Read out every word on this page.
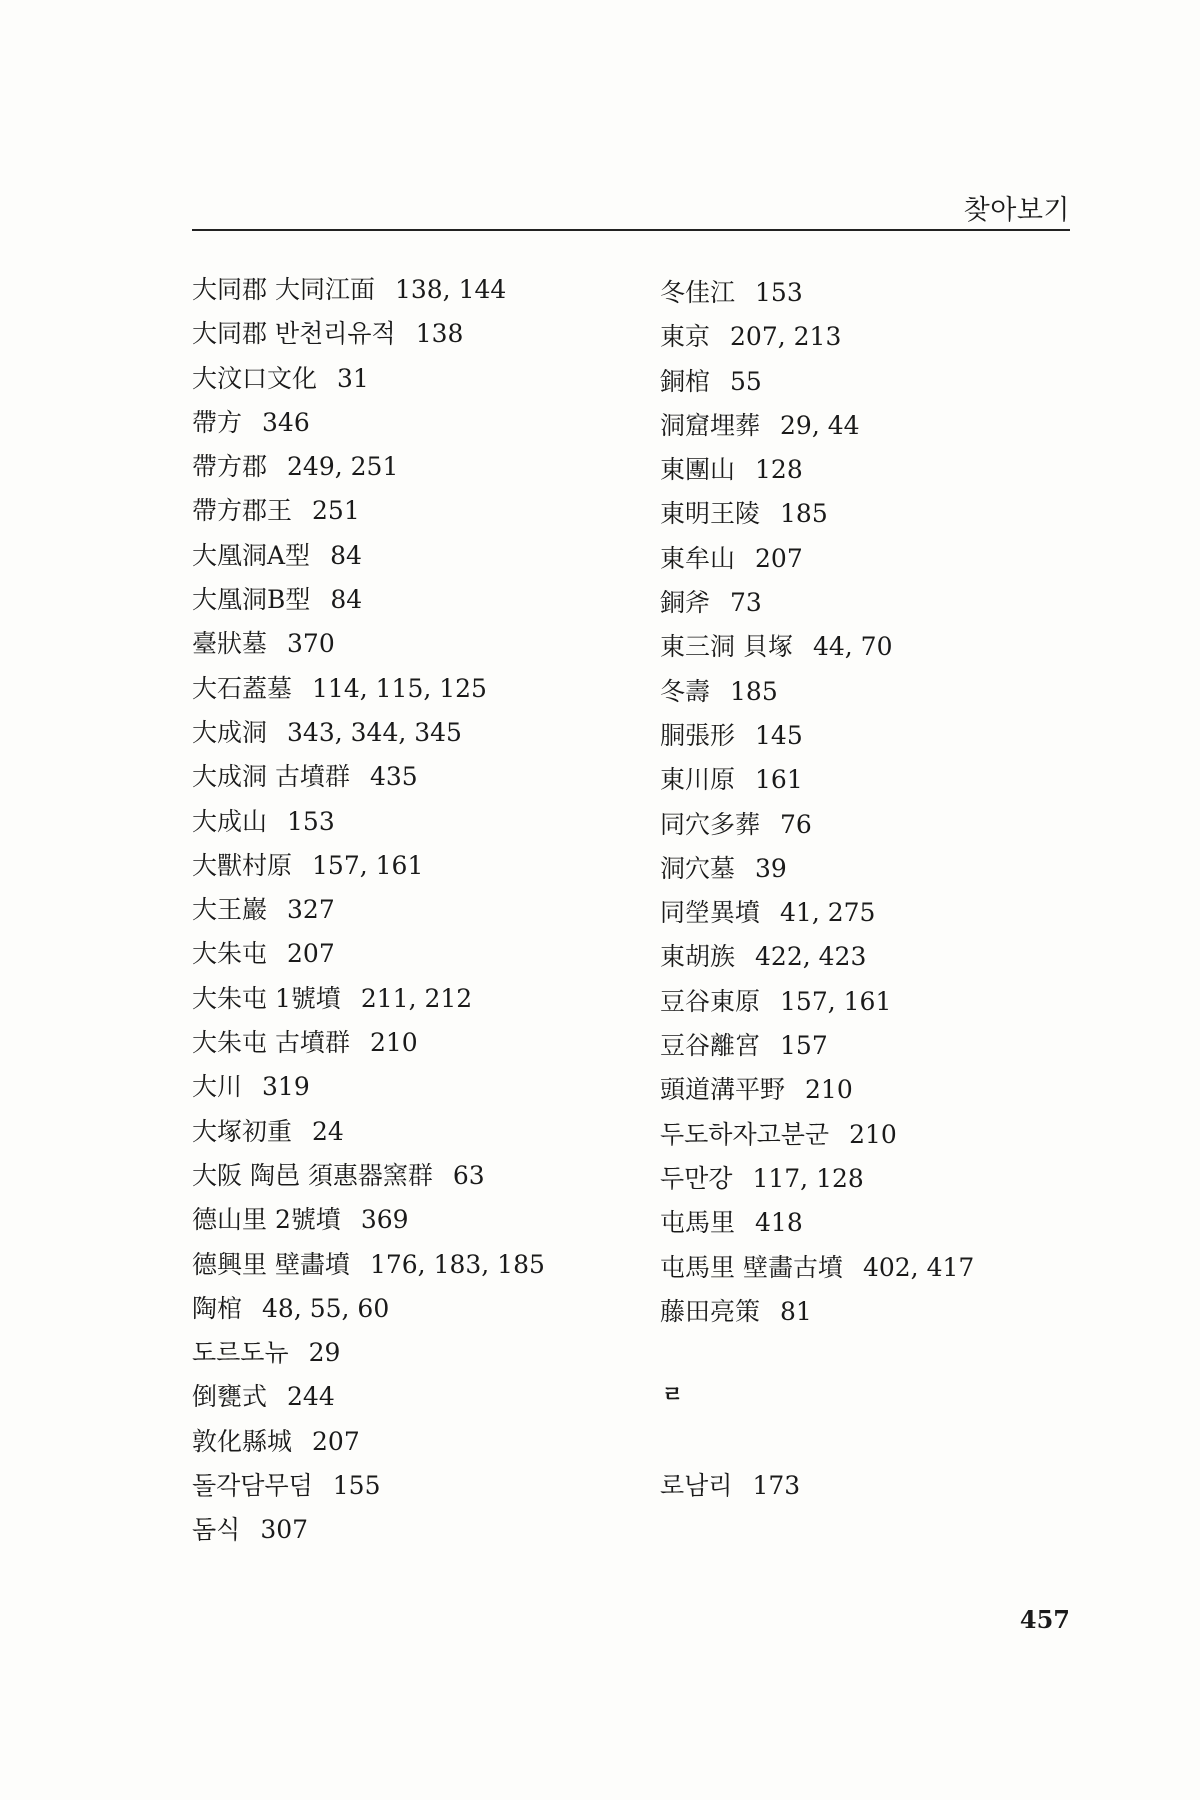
찾아보기
大同郡 大同江面 138, 144
大同郡 반천리유적 138
大汶口文化 31
帶方 346
帶方郡 249, 251
帶方郡王 251
大凰洞A型 84
大凰洞B型 84
臺狀墓 370
大石蓋墓 114, 115, 125
大成洞 343, 344, 345
大成洞 古墳群 435
大成山 153
大獸村原 157, 161
大王巖 327
大朱屯 207
大朱屯 1號墳 211, 212
大朱屯 古墳群 210
大川 319
大塚初重 24
大阪 陶邑 須惠器窯群 63
德山里 2號墳 369
德興里 壁畵墳 176, 183, 185
陶棺 48, 55, 60
도르도뉴 29
倒甕式 244
敦化縣城 207
돌각담무덤 155
돔식 307
冬佳江 153
東京 207, 213
銅棺 55
洞窟埋葬 29, 44
東團山 128
東明王陵 185
東牟山 207
銅斧 73
東三洞 貝塚 44, 70
冬壽 185
胴張形 145
東川原 161
同穴多葬 76
洞穴墓 39
同塋異墳 41, 275
東胡族 422, 423
豆谷東原 157, 161
豆谷離宮 157
頭道溝平野 210
두도하자고분군 210
두만강 117, 128
屯馬里 418
屯馬里 壁畵古墳 402, 417
藤田亮策 81
ㄹ
로남리 173
457
